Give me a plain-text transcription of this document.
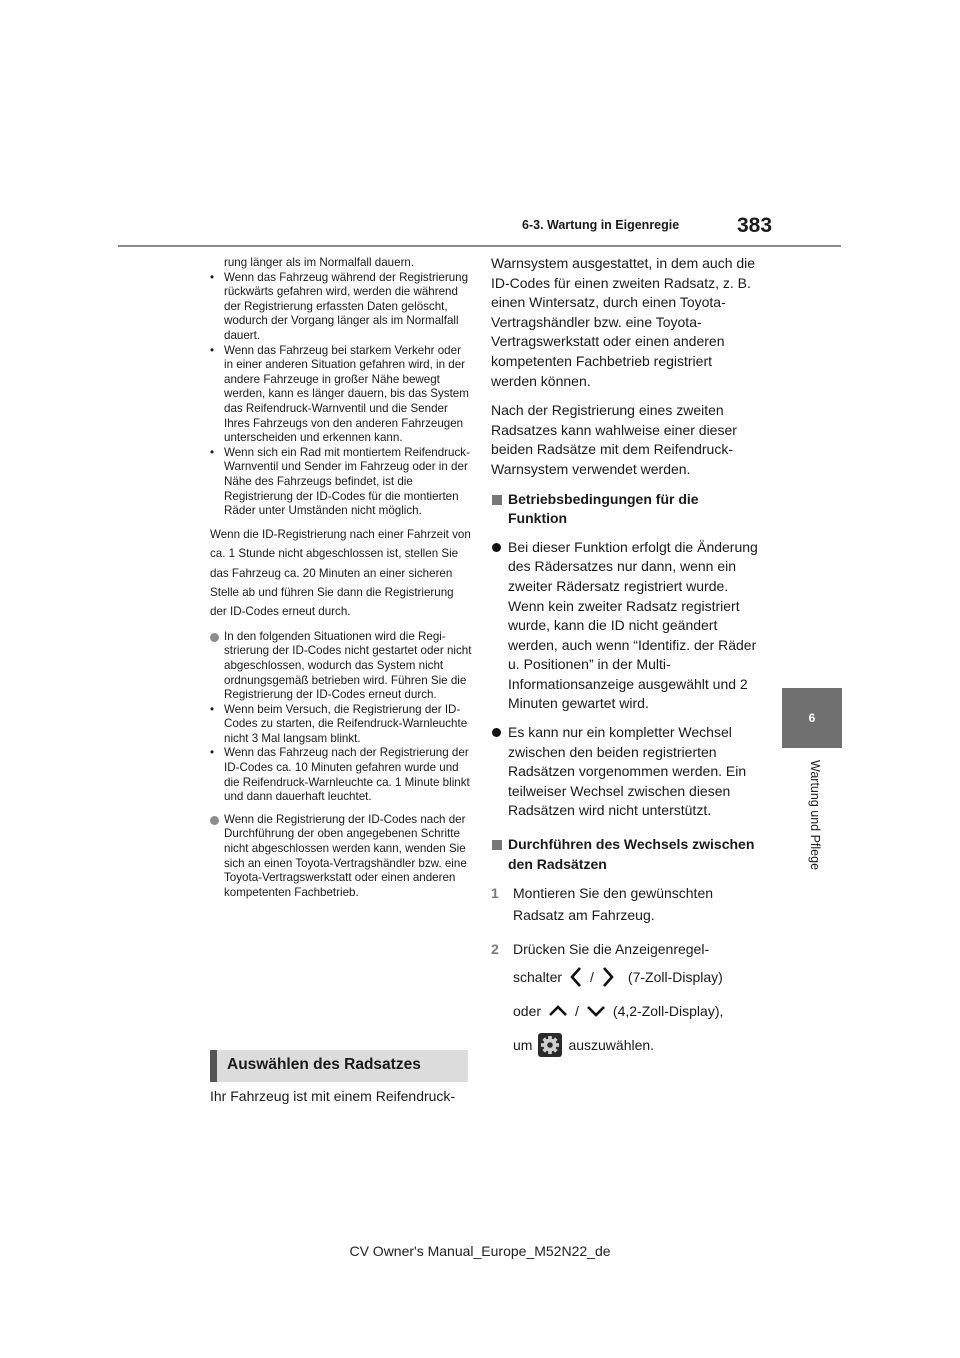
6-3. Wartung in Eigenregie	383
6
Wartung und Pflege

rung länger als im Normalfall dauern.

• Wenn das Fahrzeug während der Registrierung rückwärts gefahren wird, werden die während der Registrierung erfassten Daten gelöscht, wodurch der Vorgang länger als im Normalfall dauert.
• Wenn das Fahrzeug bei starkem Verkehr oder in einer anderen Situation gefahren wird, in der andere Fahrzeuge in großer Nähe bewegt werden, kann es länger dauern, bis das System das Reifendruck-Warnventil und die Sender Ihres Fahrzeugs von den anderen Fahrzeugen unterscheiden und erkennen kann.
• Wenn sich ein Rad mit montiertem Reifendruck-Warnventil und Sender im Fahrzeug oder in der Nähe des Fahrzeugs befindet, ist die Registrierung der ID-Codes für die montierten Räder unter Umständen nicht möglich.

Wenn die ID-Registrierung nach einer Fahrzeit von ca. 1 Stunde nicht abgeschlossen ist, stellen Sie das Fahrzeug ca. 20 Minuten an einer sicheren Stelle ab und führen Sie dann die Registrierung der ID-Codes erneut durch.

In den folgenden Situationen wird die Registrierung der ID-Codes nicht gestartet oder nicht abgeschlossen, wodurch das System nicht ordnungsgemäß betrieben wird. Führen Sie die Registrierung der ID-Codes erneut durch.
• Wenn beim Versuch, die Registrierung der ID-Codes zu starten, die Reifendruck-Warnleuchte nicht 3 Mal langsam blinkt.
• Wenn das Fahrzeug nach der Registrierung der ID-Codes ca. 10 Minuten gefahren wurde und die Reifendruck-Warnleuchte ca. 1 Minute blinkt und dann dauerhaft leuchtet.
Wenn die Registrierung der ID-Codes nach der Durchführung der oben angegebenen Schritte nicht abgeschlossen werden kann, wenden Sie sich an einen Toyota-Vertragshändler bzw. eine Toyota-Vertragswerkstatt oder einen anderen kompetenten Fachbetrieb.
Auswählen des Radsatzes
Ihr Fahrzeug ist mit einem Reifendruck-

Warnsystem ausgestattet, in dem auch die ID-Codes für einen zweiten Radsatz, z. B. einen Wintersatz, durch einen Toyota-Vertragshändler bzw. eine Toyota-Vertragswerkstatt oder einen anderen kompetenten Fachbetrieb registriert werden können.

Nach der Registrierung eines zweiten Radsatzes kann wahlweise einer dieser beiden Radsätze mit dem Reifendruck-Warnsystem verwendet werden.

Betriebsbedingungen für die Funktion
Bei dieser Funktion erfolgt die Änderung des Rädersatzes nur dann, wenn ein zweiter Rädersatz registriert wurde. Wenn kein zweiter Radsatz registriert wurde, kann die ID nicht geändert werden, auch wenn “Identifiz. der Räder u. Positionen” in der Multi-Informationsanzeige ausgewählt und 2 Minuten gewartet wird.
Es kann nur ein kompletter Wechsel zwischen den beiden registrierten Radsätzen vorgenommen werden. Ein teilweiser Wechsel zwischen diesen Radsätzen wird nicht unterstützt.
Durchführen des Wechsels zwischen den Radsätzen
1 Montieren Sie den gewünschten Radsatz am Fahrzeug.
2 Drücken Sie die Anzeigenregel-
schalter / (7-Zoll-Display)
oder / (4,2-Zoll-Display),
um	auszuwählen.
CV Owner's Manual_Europe_M52N22_de
